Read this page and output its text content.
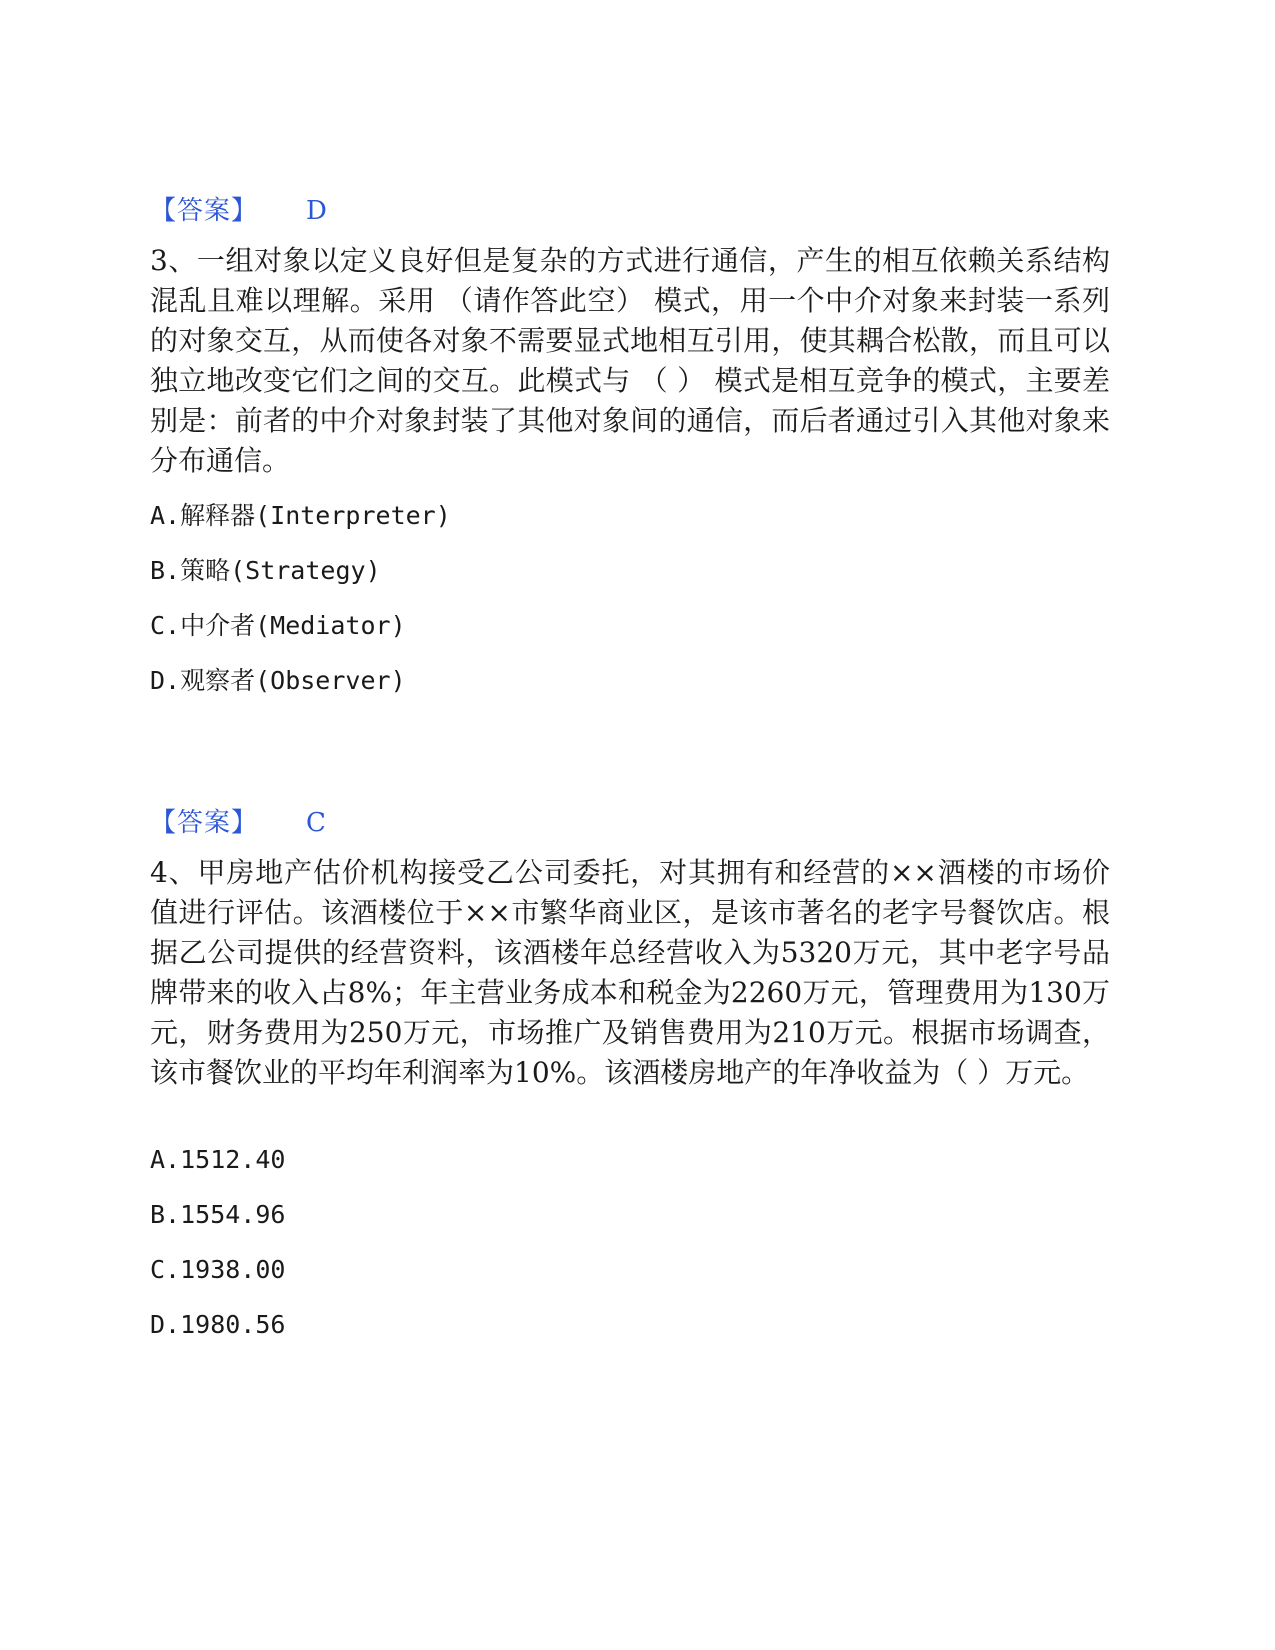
【答案】 D
3、一组对象以定义良好但是复杂的方式进行通信，产生的相互依赖关系结构混乱且难以理解。采用 （请作答此空） 模式，用一个中介对象来封装一系列的对象交互，从而使各对象不需要显式地相互引用，使其耦合松散，而且可以独立地改变它们之间的交互。此模式与 （ ） 模式是相互竞争的模式，主要差别是：前者的中介对象封装了其他对象间的通信，而后者通过引入其他对象来分布通信。
A.解释器(Interpreter)
B.策略(Strategy)
C.中介者(Mediator)
D.观察者(Observer)
【答案】 C
4、甲房地产估价机构接受乙公司委托，对其拥有和经营的××酒楼的市场价值进行评估。该酒楼位于××市繁华商业区，是该市著名的老字号餐饮店。根据乙公司提供的经营资料，该酒楼年总经营收入为5320万元，其中老字号品牌带来的收入占8%；年主营业务成本和税金为2260万元，管理费用为130万元，财务费用为250万元，市场推广及销售费用为210万元。根据市场调查，该市餐饮业的平均年利润率为10%。该酒楼房地产的年净收益为（ ）万元。
A.1512.40
B.1554.96
C.1938.00
D.1980.56
